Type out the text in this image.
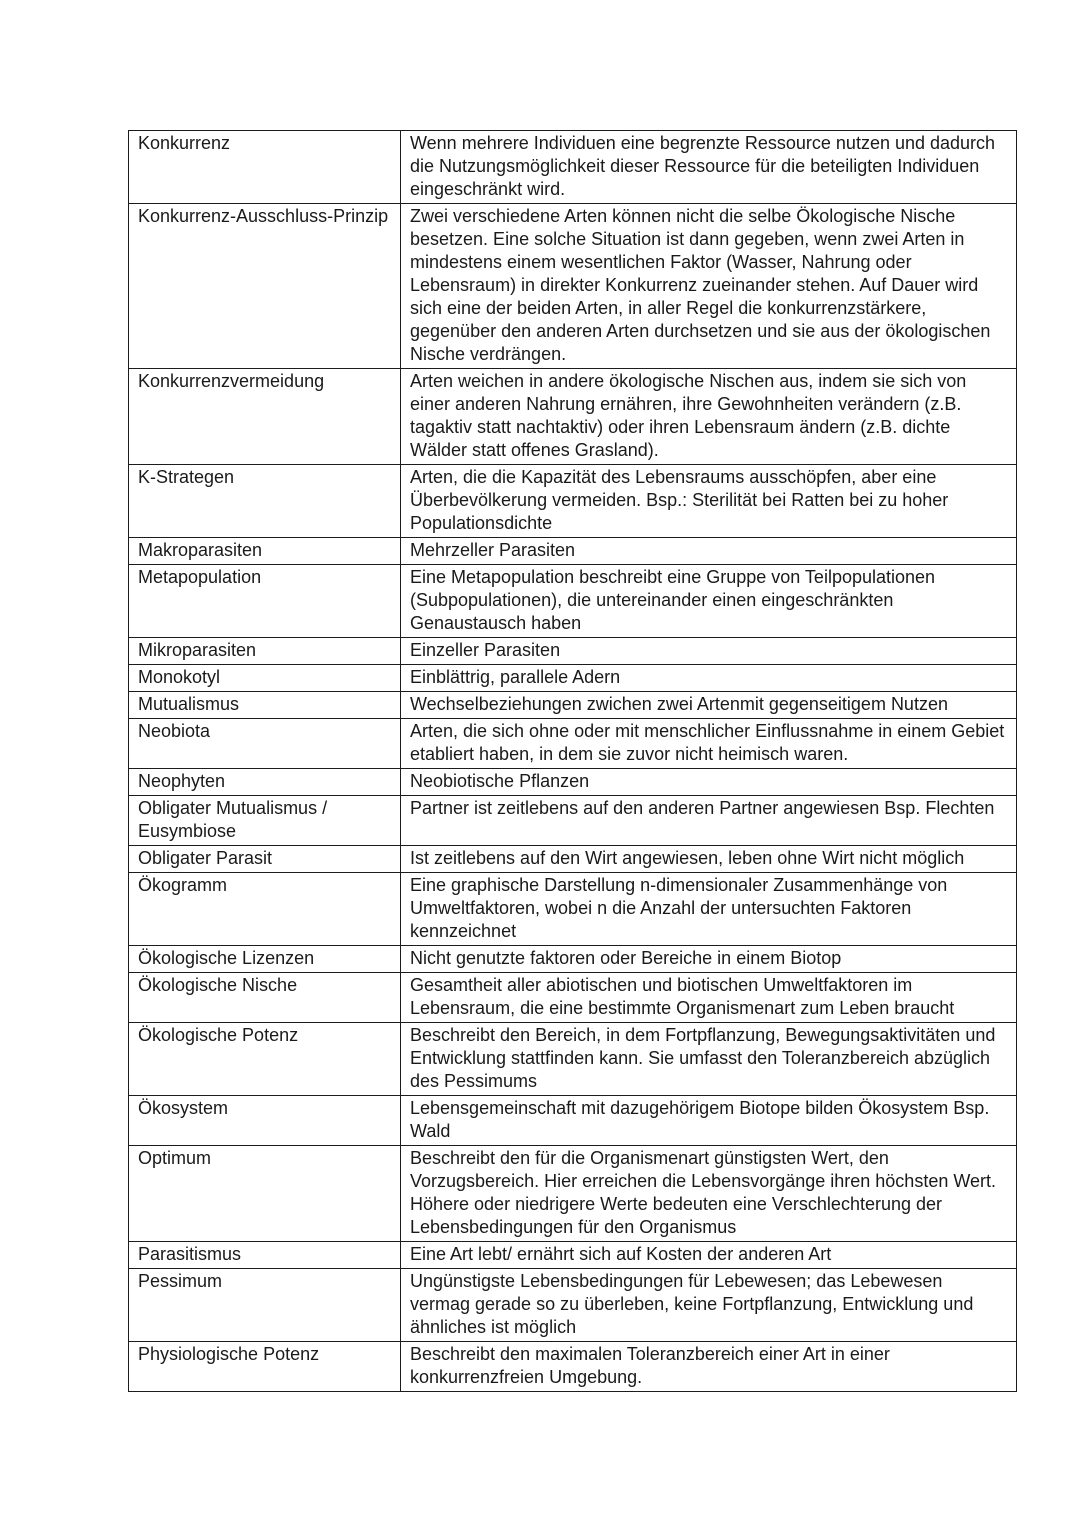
Konkurrenz	Wenn mehrere Individuen eine begrenzte Ressource nutzen und dadurch die Nutzungsmöglichkeit dieser Ressource für die beteiligten Individuen eingeschränkt wird.
Konkurrenz-Ausschluss-Prinzip	Zwei verschiedene Arten können nicht die selbe Ökologische Nische besetzen. Eine solche Situation ist dann gegeben, wenn zwei Arten in mindestens einem wesentlichen Faktor (Wasser, Nahrung oder Lebensraum) in direkter Konkurrenz zueinander stehen. Auf Dauer wird sich eine der beiden Arten, in aller Regel die konkurrenzstärkere, gegenüber den anderen Arten durchsetzen und sie aus der ökologischen Nische verdrängen.
Konkurrenzvermeidung	Arten weichen in andere ökologische Nischen aus, indem sie sich von einer anderen Nahrung ernähren, ihre Gewohnheiten verändern (z.B. tagaktiv statt nachtaktiv) oder ihren Lebensraum ändern (z.B. dichte Wälder statt offenes Grasland).
K-Strategen	Arten, die die Kapazität des Lebensraums ausschöpfen, aber eine Überbevölkerung vermeiden. Bsp.: Sterilität bei Ratten bei zu hoher Populationsdichte
Makroparasiten	Mehrzeller Parasiten
Metapopulation	Eine Metapopulation beschreibt eine Gruppe von Teilpopulationen (Subpopulationen), die untereinander einen eingeschränkten Genaustausch haben
Mikroparasiten	Einzeller Parasiten
Monokotyl	Einblättrig, parallele Adern
Mutualismus	Wechselbeziehungen zwichen zwei Artenmit gegenseitigem Nutzen
Neobiota	Arten, die sich ohne oder mit menschlicher Einflussnahme in einem Gebiet etabliert haben, in dem sie zuvor nicht heimisch waren.
Neophyten	Neobiotische Pflanzen
Obligater Mutualismus / Eusymbiose	Partner ist zeitlebens auf den anderen Partner angewiesen Bsp. Flechten
Obligater Parasit	Ist zeitlebens auf den Wirt angewiesen, leben ohne Wirt nicht möglich
Ökogramm	Eine graphische Darstellung n-dimensionaler Zusammenhänge von Umweltfaktoren, wobei n die Anzahl der untersuchten Faktoren kennzeichnet
Ökologische Lizenzen	Nicht genutzte faktoren oder Bereiche in einem Biotop
Ökologische Nische	Gesamtheit aller abiotischen und biotischen Umweltfaktoren im Lebensraum, die eine bestimmte Organismenart zum Leben braucht
Ökologische Potenz	Beschreibt den Bereich, in dem Fortpflanzung, Bewegungsaktivitäten und Entwicklung stattfinden kann. Sie umfasst den Toleranzbereich abzüglich des Pessimums
Ökosystem	Lebensgemeinschaft mit dazugehörigem Biotope bilden Ökosystem Bsp. Wald
Optimum	Beschreibt den für die Organismenart günstigsten Wert, den Vorzugsbereich. Hier erreichen die Lebensvorgänge ihren höchsten Wert. Höhere oder niedrigere Werte bedeuten eine Verschlechterung der Lebensbedingungen für den Organismus
Parasitismus	Eine Art lebt/ ernährt sich auf Kosten der anderen Art
Pessimum	Ungünstigste Lebensbedingungen für Lebewesen; das Lebewesen vermag gerade so zu überleben, keine Fortpflanzung, Entwicklung und ähnliches ist möglich
Physiologische Potenz	Beschreibt den maximalen Toleranzbereich einer Art in einer konkurrenzfreien Umgebung.
